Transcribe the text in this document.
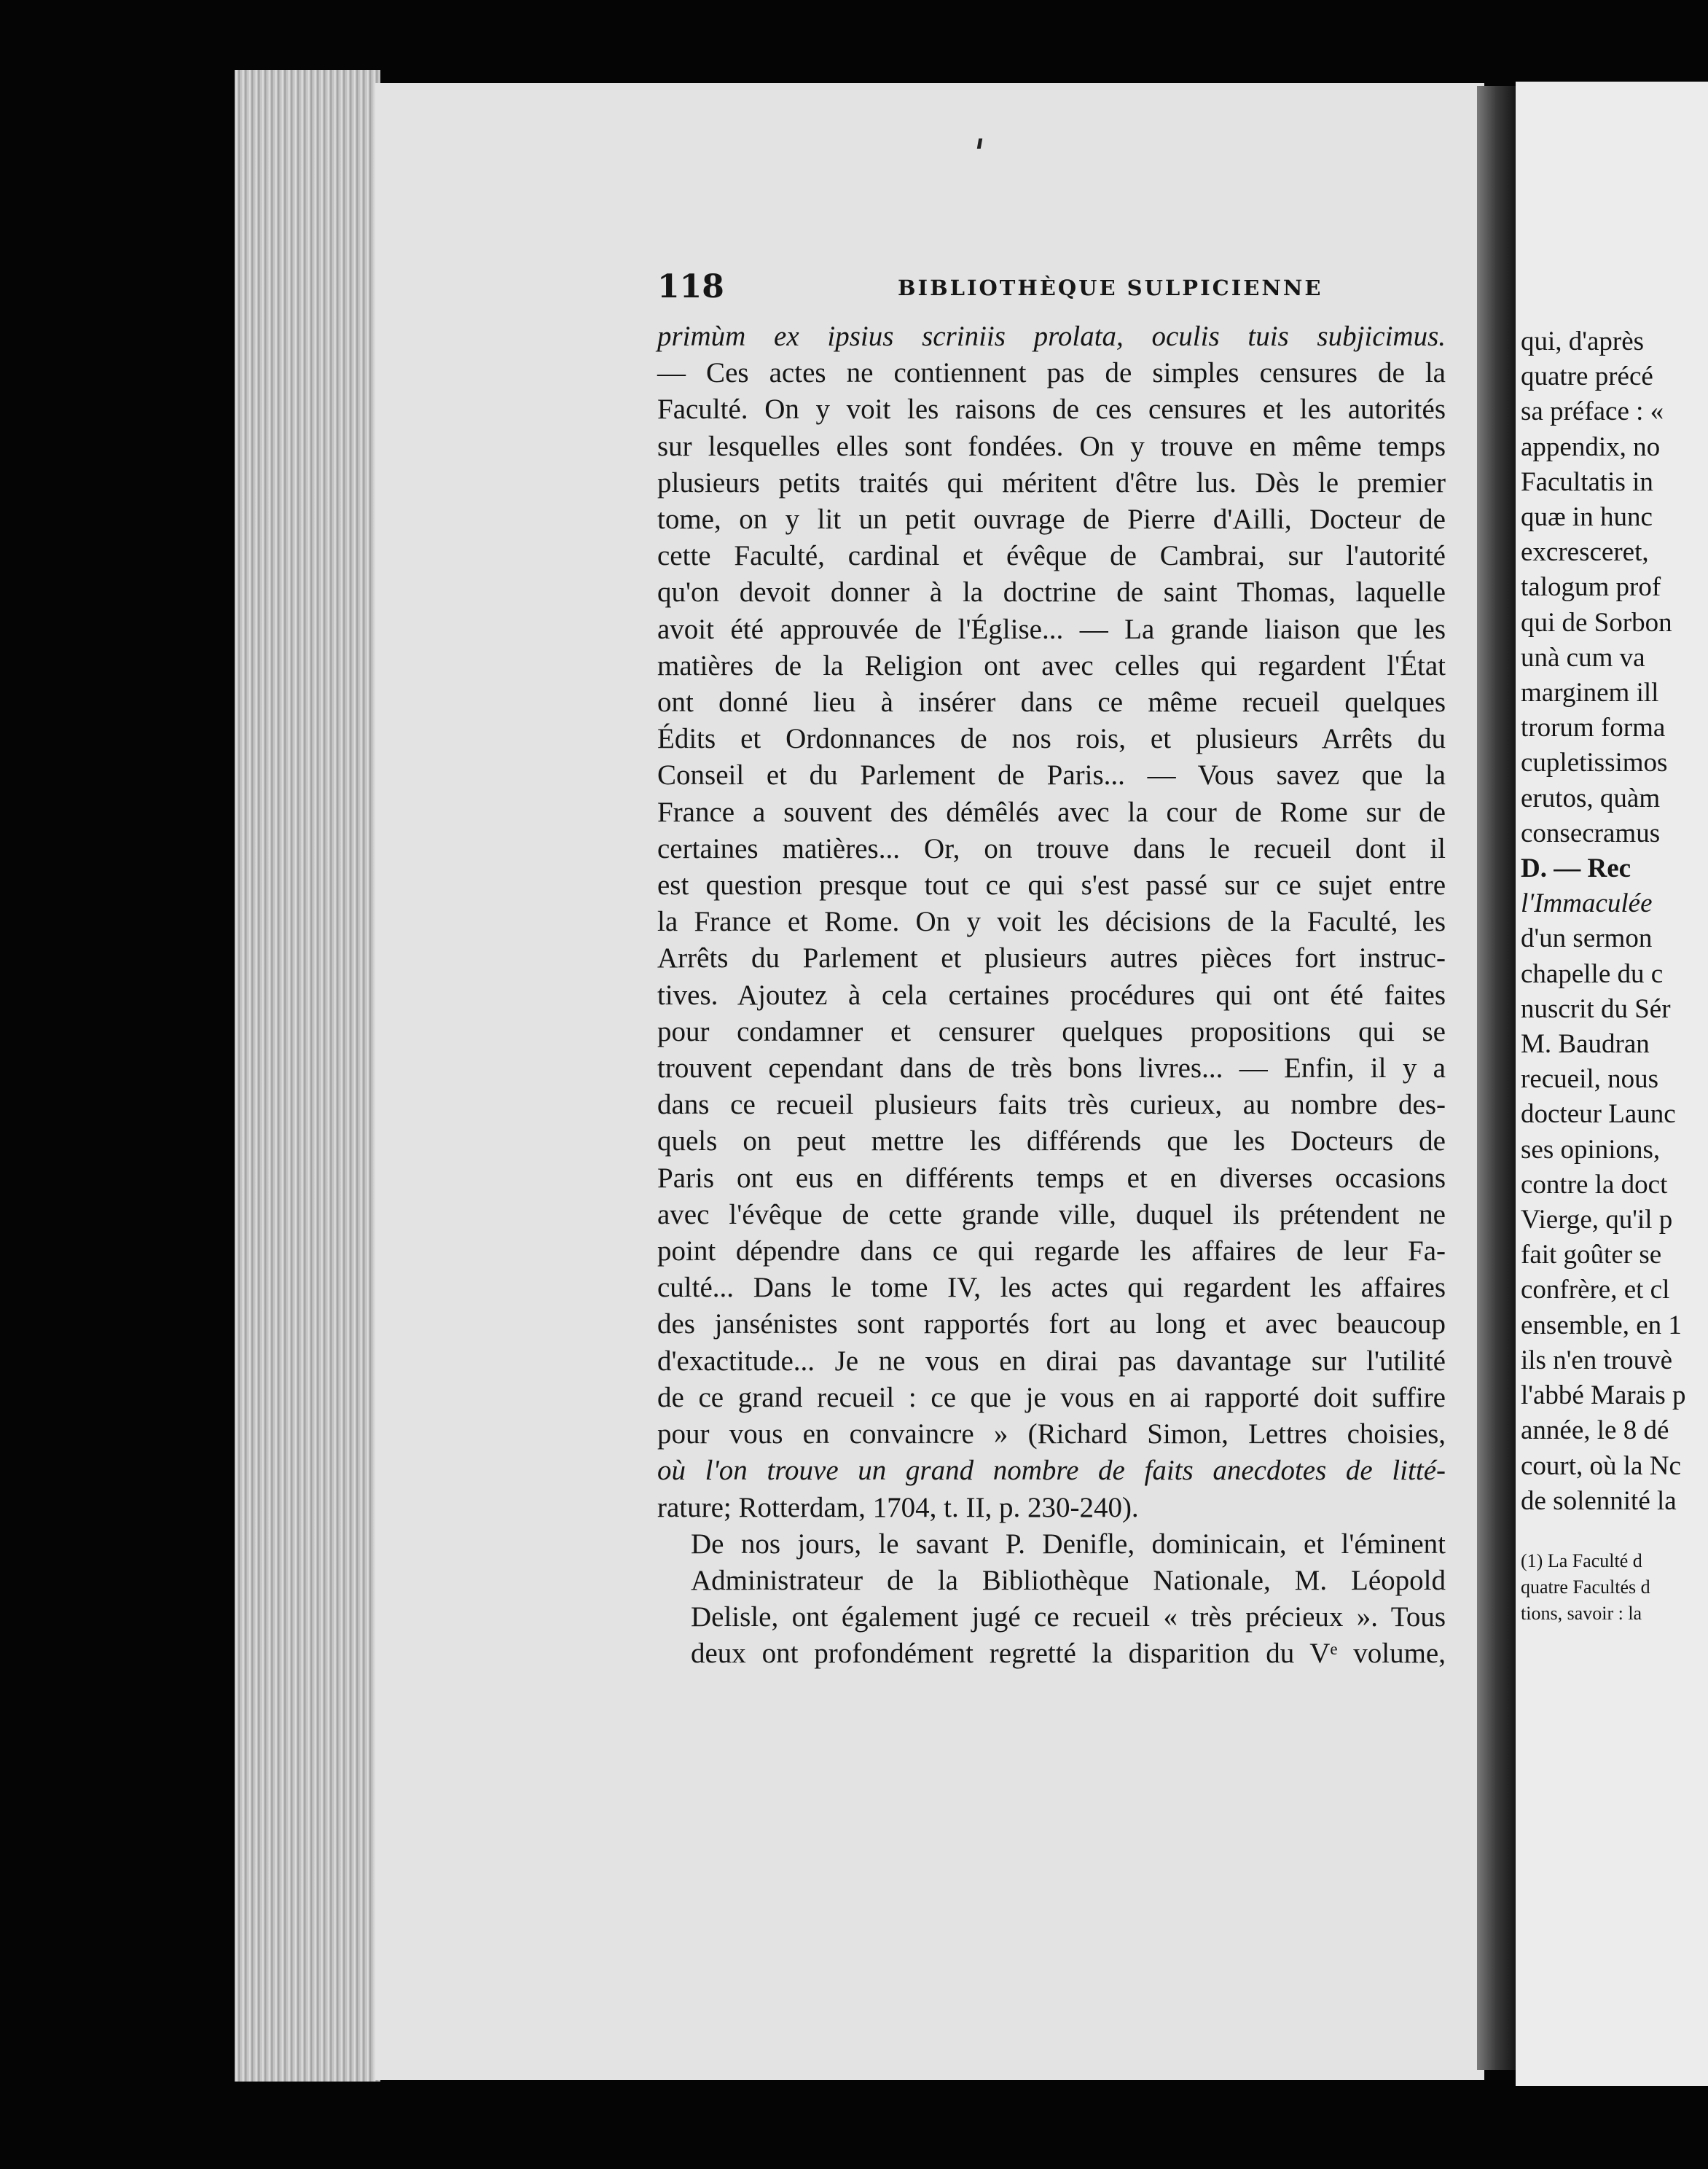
118	BIBLIOTHÈQUE SULPICIENNE

primùm ex ipsius scriniis prolata, oculis tuis subjicimus.
— Ces actes ne contiennent pas de simples censures de la
Faculté. On y voit les raisons de ces censures et les autorités
sur lesquelles elles sont fondées. On y trouve en même temps
plusieurs petits traités qui méritent d'être lus. Dès le premier
tome, on y lit un petit ouvrage de Pierre d'Ailli, Docteur de
cette Faculté, cardinal et évêque de Cambrai, sur l'autorité
qu'on devoit donner à la doctrine de saint Thomas, laquelle
avoit été approuvée de l'Église... — La grande liaison que les
matières de la Religion ont avec celles qui regardent l'État
ont donné lieu à insérer dans ce même recueil quelques
Édits et Ordonnances de nos rois, et plusieurs Arrêts du
Conseil et du Parlement de Paris... — Vous savez que la
France a souvent des démêlés avec la cour de Rome sur de
certaines matières... Or, on trouve dans le recueil dont il
est question presque tout ce qui s'est passé sur ce sujet entre
la France et Rome. On y voit les décisions de la Faculté, les
Arrêts du Parlement et plusieurs autres pièces fort instruc-
tives. Ajoutez à cela certaines procédures qui ont été faites
pour condamner et censurer quelques propositions qui se
trouvent cependant dans de très bons livres... — Enfin, il y a
dans ce recueil plusieurs faits très curieux, au nombre des-
quels on peut mettre les différends que les Docteurs de
Paris ont eus en différents temps et en diverses occasions
avec l'évêque de cette grande ville, duquel ils prétendent ne
point dépendre dans ce qui regarde les affaires de leur Fa-
culté... Dans le tome IV, les actes qui regardent les affaires
des jansénistes sont rapportés fort au long et avec beaucoup
d'exactitude... Je ne vous en dirai pas davantage sur l'utilité
de ce grand recueil : ce que je vous en ai rapporté doit suffire
pour vous en convaincre » (Richard Simon, Lettres choisies,
où l'on trouve un grand nombre de faits anecdotes de litté-
rature; Rotterdam, 1704, t. II, p. 230-240).

De nos jours, le savant P. Denifle, dominicain, et l'éminent
Administrateur de la Bibliothèque Nationale, M. Léopold
Delisle, ont également jugé ce recueil « très précieux ». Tous
deux ont profondément regretté la disparition du Vᵉ volume,

qui, d'après
quatre précé
sa préface : «
appendix, no
Facultatis in
quæ in hunc
excresceret,
talogum prof
qui de Sorbon
unà cum va
marginem ill
trorum forma
cupletissimos
erutos, quàm
consecramus
D. — Rec
l'Immaculée
d'un sermon
chapelle du c
nuscrit du Sér
M. Baudran
recueil, nous
docteur Launc
ses opinions,
contre la doct
Vierge, qu'il p
fait goûter se
confrère, et cl
ensemble, en 1
ils n'en trouvè
l'abbé Marais p
année, le 8 dé
court, où la Nc
de solennité la
(1) La Faculté d
quatre Facultés d
tions, savoir : la
